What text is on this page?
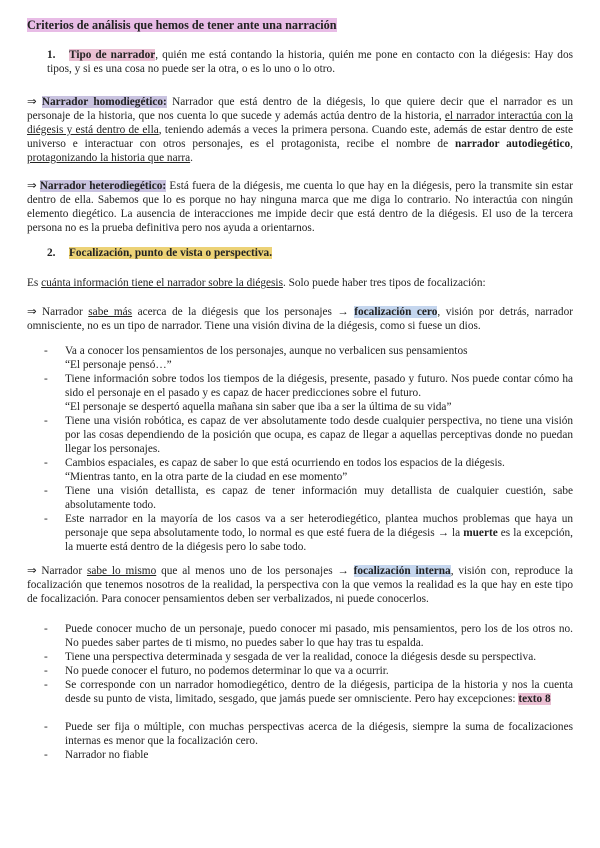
Criterios de análisis que hemos de tener ante una narración
1. Tipo de narrador, quién me está contando la historia, quién me pone en contacto con la diégesis: Hay dos tipos, y si es una cosa no puede ser la otra, o es lo uno o lo otro.
⇒ Narrador homodiegético: Narrador que está dentro de la diégesis, lo que quiere decir que el narrador es un personaje de la historia, que nos cuenta lo que sucede y además actúa dentro de la historia, el narrador interactúa con la diégesis y está dentro de ella, teniendo además a veces la primera persona. Cuando este, además de estar dentro de este universo e interactuar con otros personajes, es el protagonista, recibe el nombre de narrador autodiegético, protagonizando la historia que narra.
⇒ Narrador heterodiegético: Está fuera de la diégesis, me cuenta lo que hay en la diégesis, pero la transmite sin estar dentro de ella. Sabemos que lo es porque no hay ninguna marca que me diga lo contrario. No interactúa con ningún elemento diegético. La ausencia de interacciones me impide decir que está dentro de la diégesis. El uso de la tercera persona no es la prueba definitiva pero nos ayuda a orientarnos.
2. Focalización, punto de vista o perspectiva.
Es cuánta información tiene el narrador sobre la diégesis. Solo puede haber tres tipos de focalización:
⇒ Narrador sabe más acerca de la diégesis que los personajes → focalización cero, visión por detrás, narrador omnisciente, no es un tipo de narrador. Tiene una visión divina de la diégesis, como si fuese un dios.
- Va a conocer los pensamientos de los personajes, aunque no verbalicen sus pensamientos
“El personaje pensó…”
- Tiene información sobre todos los tiempos de la diégesis, presente, pasado y futuro. Nos puede contar cómo ha sido el personaje en el pasado y es capaz de hacer predicciones sobre el futuro.
“El personaje se despertó aquella mañana sin saber que iba a ser la última de su vida”
- Tiene una visión robótica, es capaz de ver absolutamente todo desde cualquier perspectiva, no tiene una visión por las cosas dependiendo de la posición que ocupa, es capaz de llegar a aquellas perceptivas donde no puedan llegar los personajes.
- Cambios espaciales, es capaz de saber lo que está ocurriendo en todos los espacios de la diégesis.
“Mientras tanto, en la otra parte de la ciudad en ese momento”
- Tiene una visión detallista, es capaz de tener información muy detallista de cualquier cuestión, sabe absolutamente todo.
- Este narrador en la mayoría de los casos va a ser heterodiegético, plantea muchos problemas que haya un personaje que sepa absolutamente todo, lo normal es que esté fuera de la diégesis → la muerte es la excepción, la muerte está dentro de la diégesis pero lo sabe todo.
⇒ Narrador sabe lo mismo que al menos uno de los personajes → focalización interna, visión con, reproduce la focalización que tenemos nosotros de la realidad, la perspectiva con la que vemos la realidad es la que hay en este tipo de focalización. Para conocer pensamientos deben ser verbalizados, ni puede conocerlos.
- Puede conocer mucho de un personaje, puedo conocer mi pasado, mis pensamientos, pero los de los otros no. No puedes saber partes de ti mismo, no puedes saber lo que hay tras tu espalda.
- Tiene una perspectiva determinada y sesgada de ver la realidad, conoce la diégesis desde su perspectiva.
- No puede conocer el futuro, no podemos determinar lo que va a ocurrir.
- Se corresponde con un narrador homodiegético, dentro de la diégesis, participa de la historia y nos la cuenta desde su punto de vista, limitado, sesgado, que jamás puede ser omnisciente. Pero hay excepciones: texto 8
- Puede ser fija o múltiple, con muchas perspectivas acerca de la diégesis, siempre la suma de focalizaciones internas es menor que la focalización cero.
- Narrador no fiable
